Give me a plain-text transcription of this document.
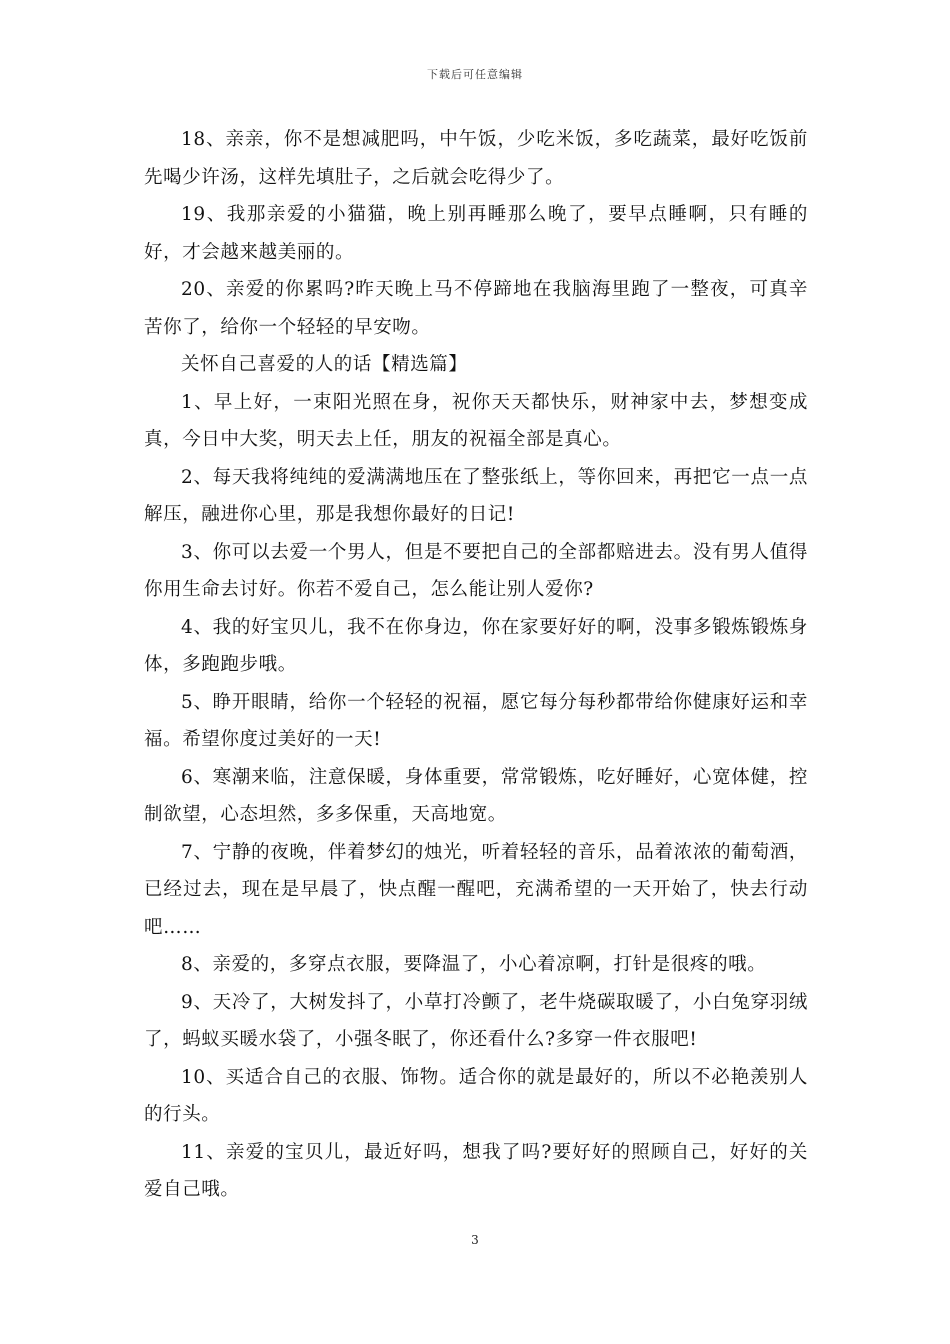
下载后可任意编辑

18、亲亲，你不是想减肥吗，中午饭，少吃米饭，多吃蔬菜，最好吃饭前先喝少许汤，这样先填肚子，之后就会吃得少了。

19、我那亲爱的小猫猫，晚上别再睡那么晚了，要早点睡啊，只有睡的好，才会越来越美丽的。

20、亲爱的你累吗?昨天晚上马不停蹄地在我脑海里跑了一整夜，可真辛苦你了，给你一个轻轻的早安吻。

关怀自己喜爱的人的话【精选篇】

1、早上好，一束阳光照在身，祝你天天都快乐，财神家中去，梦想变成真，今日中大奖，明天去上任，朋友的祝福全部是真心。

2、每天我将纯纯的爱满满地压在了整张纸上，等你回来，再把它一点一点解压，融进你心里，那是我想你最好的日记!

3、你可以去爱一个男人，但是不要把自己的全部都赔进去。没有男人值得你用生命去讨好。你若不爱自己，怎么能让别人爱你?

4、我的好宝贝儿，我不在你身边，你在家要好好的啊，没事多锻炼锻炼身体，多跑跑步哦。

5、睁开眼睛，给你一个轻轻的祝福，愿它每分每秒都带给你健康好运和幸福。希望你度过美好的一天!

6、寒潮来临，注意保暖，身体重要，常常锻炼，吃好睡好，心宽体健，控制欲望，心态坦然，多多保重，天高地宽。

7、宁静的夜晚，伴着梦幻的烛光，听着轻轻的音乐，品着浓浓的葡萄酒，已经过去，现在是早晨了，快点醒一醒吧，充满希望的一天开始了，快去行动吧……

8、亲爱的，多穿点衣服，要降温了，小心着凉啊，打针是很疼的哦。

9、天冷了，大树发抖了，小草打冷颤了，老牛烧碳取暖了，小白兔穿羽绒了，蚂蚁买暖水袋了，小强冬眠了，你还看什么?多穿一件衣服吧!

10、买适合自己的衣服、饰物。适合你的就是最好的，所以不必艳羡别人的行头。

11、亲爱的宝贝儿，最近好吗，想我了吗?要好好的照顾自己，好好的关爱自己哦。

3
